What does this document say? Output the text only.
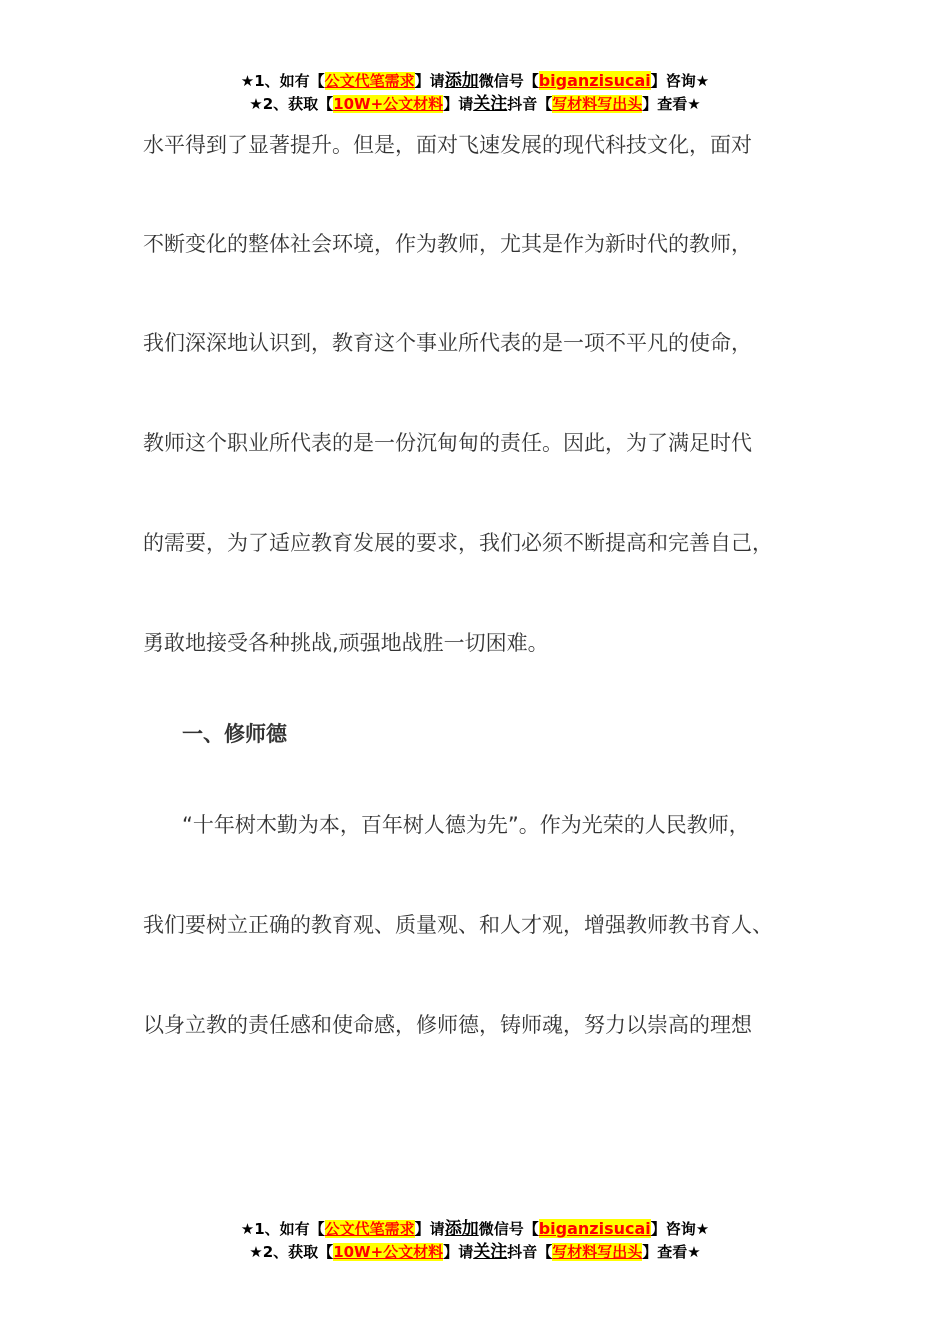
★1、如有【公文代笔需求】请添加微信号【biganzisucai】咨询★
★2、获取【10W+公文材料】请关注抖音【写材料写出头】查看★
水平得到了显著提升。但是，面对飞速发展的现代科技文化，面对
不断变化的整体社会环境，作为教师，尤其是作为新时代的教师，
我们深深地认识到，教育这个事业所代表的是一项不平凡的使命，
教师这个职业所代表的是一份沉甸甸的责任。因此，为了满足时代
的需要，为了适应教育发展的要求，我们必须不断提高和完善自己，
勇敢地接受各种挑战,顽强地战胜一切困难。
一、修师德
“十年树木勤为本，百年树人德为先”。作为光荣的人民教师，
我们要树立正确的教育观、质量观、和人才观，增强教师教书育人、
以身立教的责任感和使命感，修师德，铸师魂，努力以崇高的理想
★1、如有【公文代笔需求】请添加微信号【biganzisucai】咨询★
★2、获取【10W+公文材料】请关注抖音【写材料写出头】查看★
